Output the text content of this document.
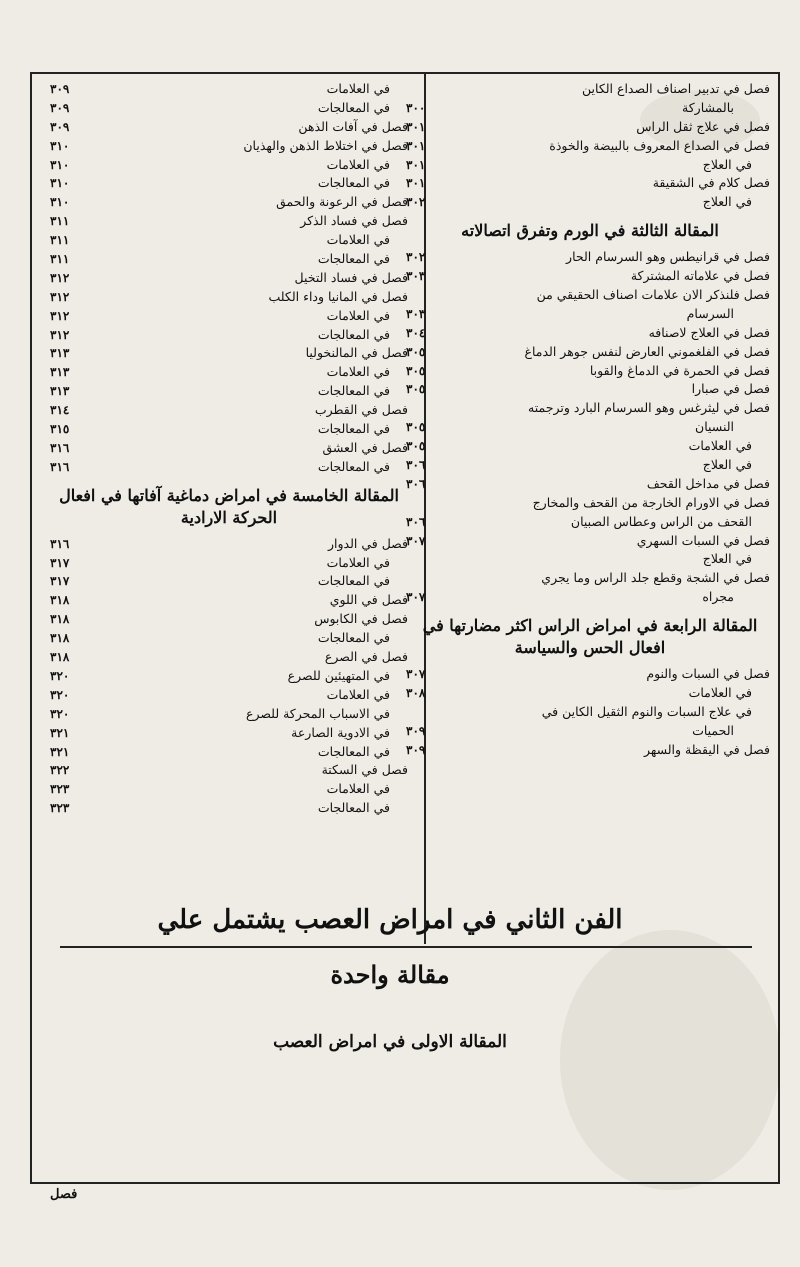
فصل في تدبير اصناف الصداع الكاين
بالمشاركة
٣٠٠
فصل في علاج ثقل الراس
٣٠١
فصل في الصداع المعروف بالبيضة والخوذة
٣٠١
في العلاج
٣٠١
فصل كلام في الشقيقة
٣٠١
في العلاج
٣٠٢
المقالة الثالثة في الورم وتفرق اتصالاته
فصل في قرانيطس وهو السرسام الحار
٣٠٢
فصل في علاماته المشتركة
٣٠٣
فصل فلنذكر الان علامات اصناف الحقيقي من
السرسام
٣٠٣
فصل في العلاج لاصنافه
٣٠٤
فصل في الفلغموني العارض لنفس جوهر الدماغ
٣٠٥
فصل في الحمرة في الدماغ والقوبا
٣٠٥
فصل في صبارا
٣٠٥
فصل في ليثرغس وهو السرسام البارد وترجمته
النسيان
٣٠٥
في العلامات
٣٠٥
في العلاج
٣٠٦
فصل في مداخل القحف
٣٠٦
فصل في الاورام الخارجة من القحف والمخارج
القحف من الراس وعطاس الصبيان
٣٠٦
فصل في السبات السهري
٣٠٧
في العلاج
فصل في الشجة وقطع جلد الراس وما يجري
مجراه
٣٠٧
المقالة الرابعة في امراض الراس اكثر مضارتها في افعال الحس والسياسة
فصل في السبات والنوم
٣٠٧
في العلامات
٣٠٨
في علاج السبات والنوم الثقيل الكاين في
الحميات
٣٠٩
فصل في اليقظة والسهر
٣٠٩
في العلامات
٣٠٩
في المعالجات
٣٠٩
فصل في آفات الذهن
٣٠٩
فصل في اختلاط الذهن والهذيان
٣١٠
في العلامات
٣١٠
في المعالجات
٣١٠
فصل في الرعونة والحمق
٣١٠
فصل في فساد الذكر
٣١١
في العلامات
٣١١
في المعالجات
٣١١
فصل في فساد التخيل
٣١٢
فصل في المانيا وداء الكلب
٣١٢
في العلامات
٣١٢
في المعالجات
٣١٢
فصل في المالنخوليا
٣١٣
في العلامات
٣١٣
في المعالجات
٣١٣
فصل في القطرب
٣١٤
في المعالجات
٣١٥
فصل في العشق
٣١٦
في المعالجات
٣١٦
المقالة الخامسة في امراض دماغية آفاتها في افعال الحركة الارادية
فصل في الدوار
٣١٦
في العلامات
٣١٧
في المعالجات
٣١٧
فصل في اللوي
٣١٨
فصل في الكابوس
٣١٨
في المعالجات
٣١٨
فصل في الصرع
٣١٨
في المتهيئين للصرع
٣٢٠
في العلامات
٣٢٠
في الاسباب المحركة للصرع
٣٢٠
في الادوية الصارعة
٣٢١
في المعالجات
٣٢١
فصل في السكتة
٣٢٢
في العلامات
٣٢٣
في المعالجات
٣٢٣
الفن الثاني في امراض العصب يشتمل علي
مقالة واحدة
المقالة الاولى في امراض العصب
فصل
